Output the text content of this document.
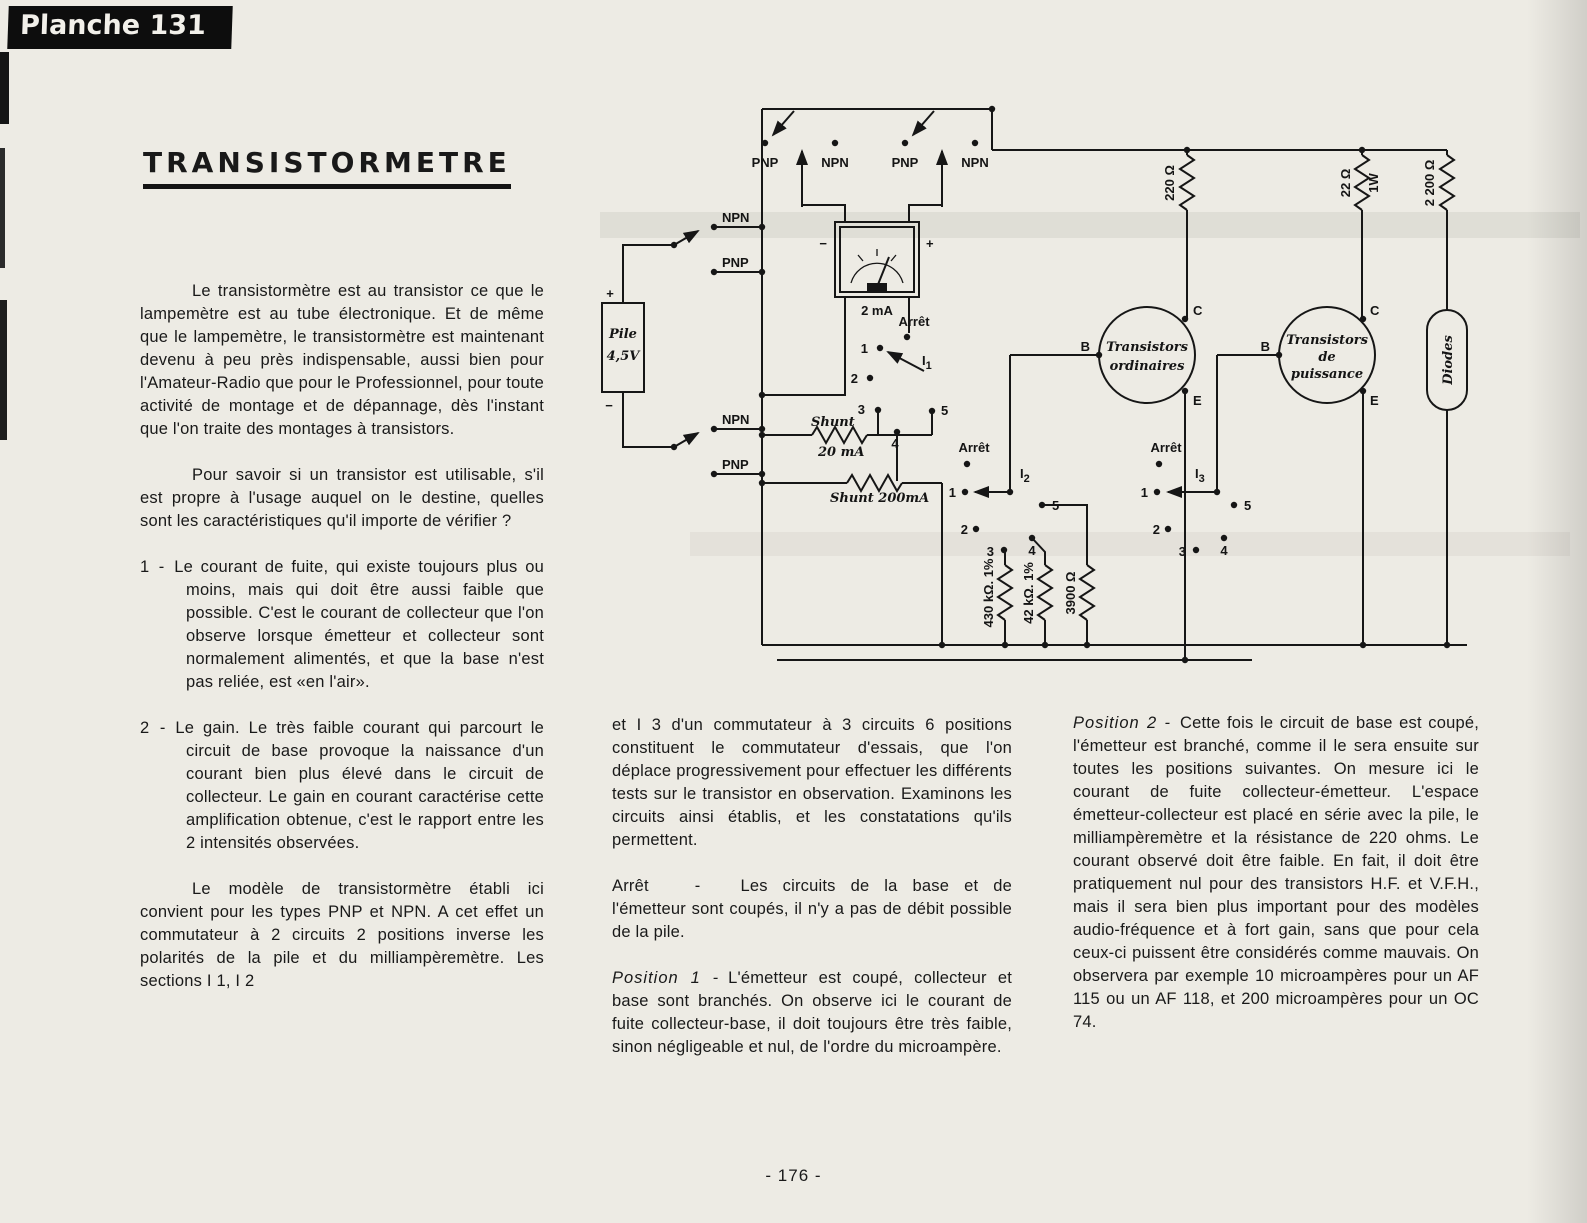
Planche 131
TRANSISTORMETRE

Le transistormètre est au transistor ce que le lampemètre est au tube électronique. Et de même que le lampemètre, le transistormètre est maintenant devenu à peu près indispensable, aussi bien pour l'Amateur-Radio que pour le Professionnel, pour toute activité de montage et de dépannage, dès l'instant que l'on traite des montages à transistors.

Pour savoir si un transistor est utilisable, s'il est propre à l'usage auquel on le destine, quelles sont les caractéristiques qu'il importe de vérifier ?

1 - Le courant de fuite, qui existe toujours plus ou moins, mais qui doit être aussi faible que possible. C'est le courant de collecteur que l'on observe lorsque émetteur et collecteur sont normalement alimentés, et que la base n'est pas reliée, est «en l'air».

2 - Le gain. Le très faible courant qui parcourt le circuit de base provoque la naissance d'un courant bien plus élevé dans le circuit de collecteur. Le gain en courant caractérise cette amplification obtenue, c'est le rapport entre les 2 intensités observées.

Le modèle de transistormètre établi ici convient pour les types PNP et NPN. A cet effet un commutateur à 2 circuits 2 positions inverse les polarités de la pile et du milliampèremètre. Les sections I 1, I 2

PNP	NPN	PNP	NPN
NPN
PNP
NPN
PNP
Pile
4,5V
+
−
−	+
2 mA
Arrêt
1
2
3
4
5
$I_1$
Shunt
20 mA
Shunt 200mA
Arrêt
1
2
3	4
5
$I_2$
Arrêt
1
2
3	4
5
$I_3$
220 Ω	22 Ω 1W	2 200 Ω
430 kΩ. 1% 42 kΩ. 1% 3900 Ω
Transistors
ordinaires
B
C
E
Transistors
de
puissance
B
C
E
Diodes

et I 3 d'un commutateur à 3 circuits 6 positions constituent le commutateur d'essais, que l'on déplace progressivement pour effectuer les différents tests sur le transistor en observation. Examinons les circuits ainsi établis, et les constatations qu'ils permettent.

Arrêt	- Les circuits de la base et de l'émetteur sont coupés, il n'y a pas de débit possible de la pile.

Position 1 - L'émetteur est coupé, collecteur et base sont branchés. On observe ici le courant de fuite collecteur-base, il doit toujours être très faible, sinon négligeable et nul, de l'ordre du microampère.

Position 2 - Cette fois le circuit de base est coupé, l'émetteur est branché, comme il le sera ensuite sur toutes les positions suivantes. On mesure ici le courant de fuite collecteur-émetteur. L'espace émetteur-collecteur est placé en série avec la pile, le milliampèremètre et la résistance de 220 ohms. Le courant observé doit être faible. En fait, il doit être pratiquement nul pour des transistors H.F. et V.F.H., mais il sera bien plus important pour des modèles audio-fréquence et à fort gain, sans que pour cela ceux-ci puissent être considérés comme mauvais. On observera par exemple 10 microampères pour un AF 115 ou un AF 118, et 200 microampères pour un OC 74.

- 176 -
